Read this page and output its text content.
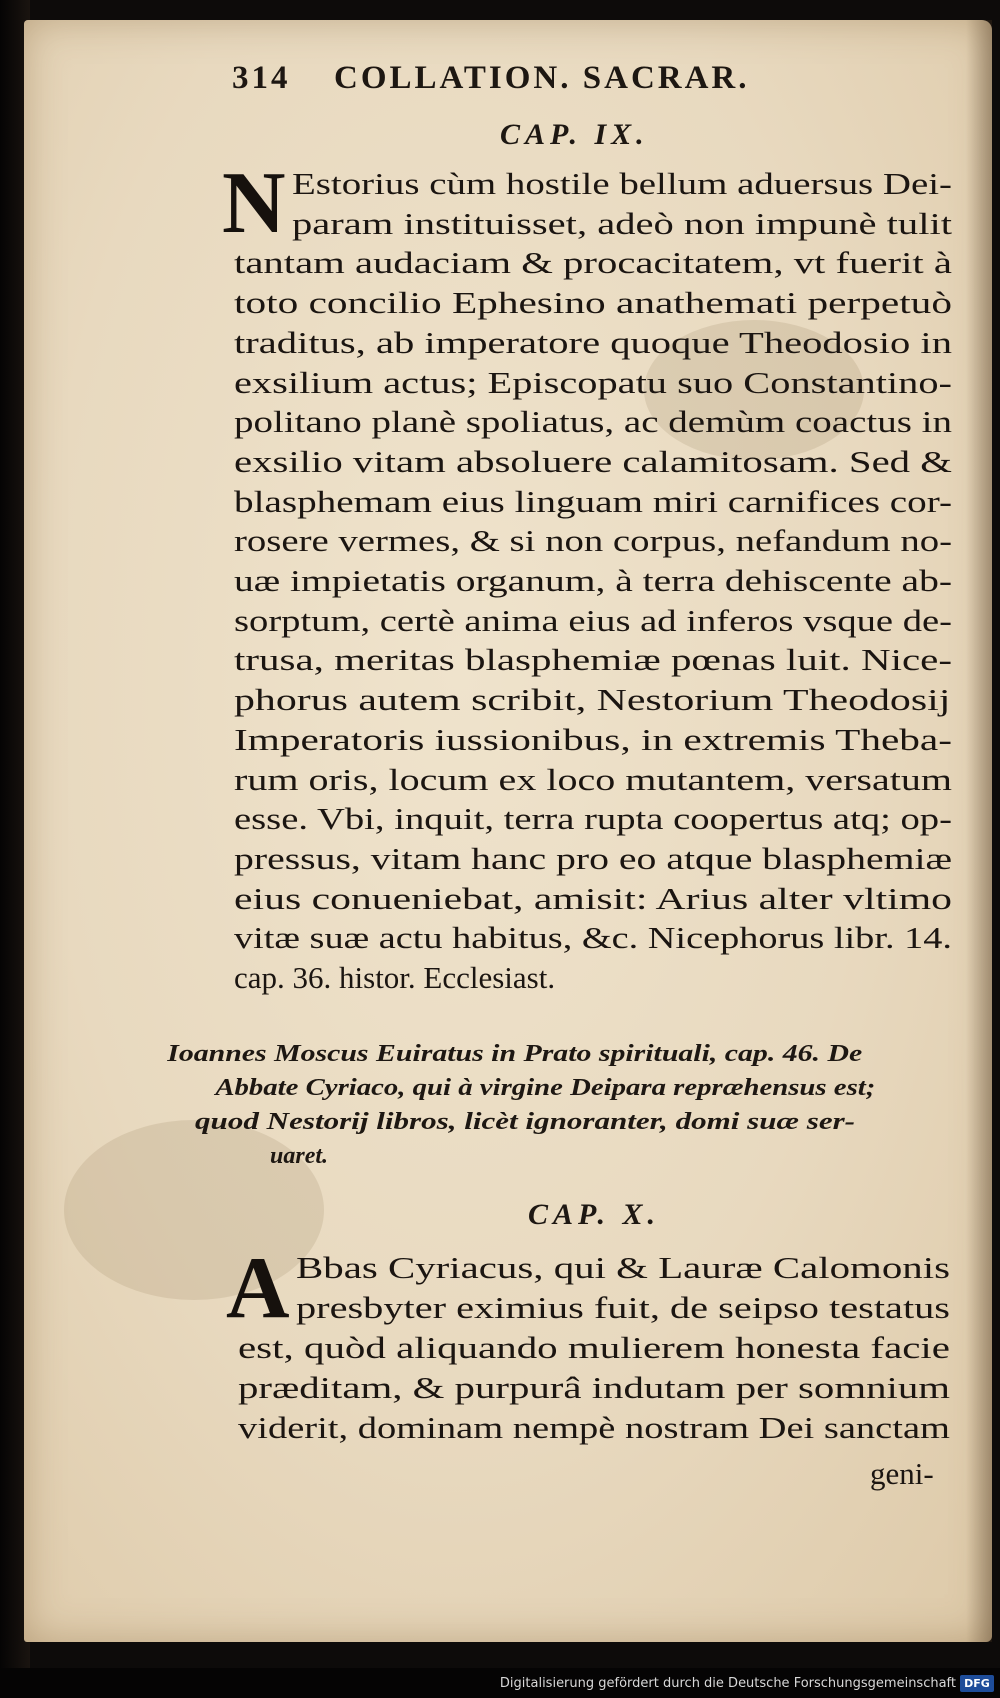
314 COLLATION. SACRAR.
CAP. IX.
N Estorius cùm hostile bellum aduersus Dei-
param instituisset, adeò non impunè tulit
tantam audaciam & procacitatem, vt fuerit à
toto concilio Ephesino anathemati perpetuò
traditus, ab imperatore quoque Theodosio in
exsilium actus; Episcopatu suo Constantino-
politano planè spoliatus, ac demùm coactus in
exsilio vitam absoluere calamitosam. Sed &
blasphemam eius linguam miri carnifices cor-
rosere vermes, & si non corpus, nefandum no-
uæ impietatis organum, à terra dehiscente ab-
sorptum, certè anima eius ad inferos vsque de-
trusa, meritas blasphemiæ pœnas luit. Nice-
phorus autem scribit, Nestorium Theodosij
Imperatoris iussionibus, in extremis Theba-
rum oris, locum ex loco mutantem, versatum
esse. Vbi, inquit, terra rupta coopertus atq; op-
pressus, vitam hanc pro eo atque blasphemiæ
eius conueniebat, amisit: Arius alter vltimo
vitæ suæ actu habitus, &c. Nicephorus libr. 14.
cap. 36. histor. Ecclesiast.
Ioannes Moscus Euiratus in Prato spirituali, cap. 46. De
Abbate Cyriaco, qui à virgine Deipara repræhensus est;
quod Nestorij libros, licèt ignoranter, domi suæ ser-
uaret.
CAP. X.
A Bbas Cyriacus, qui & Lauræ Calomonis
presbyter eximius fuit, de seipso testatus
est, quòd aliquando mulierem honesta facie
præditam, & purpurâ indutam per somnium
viderit, dominam nempè nostram Dei sanctam
geni-
Digitalisierung gefördert durch die Deutsche Forschungsgemeinschaft DFG
